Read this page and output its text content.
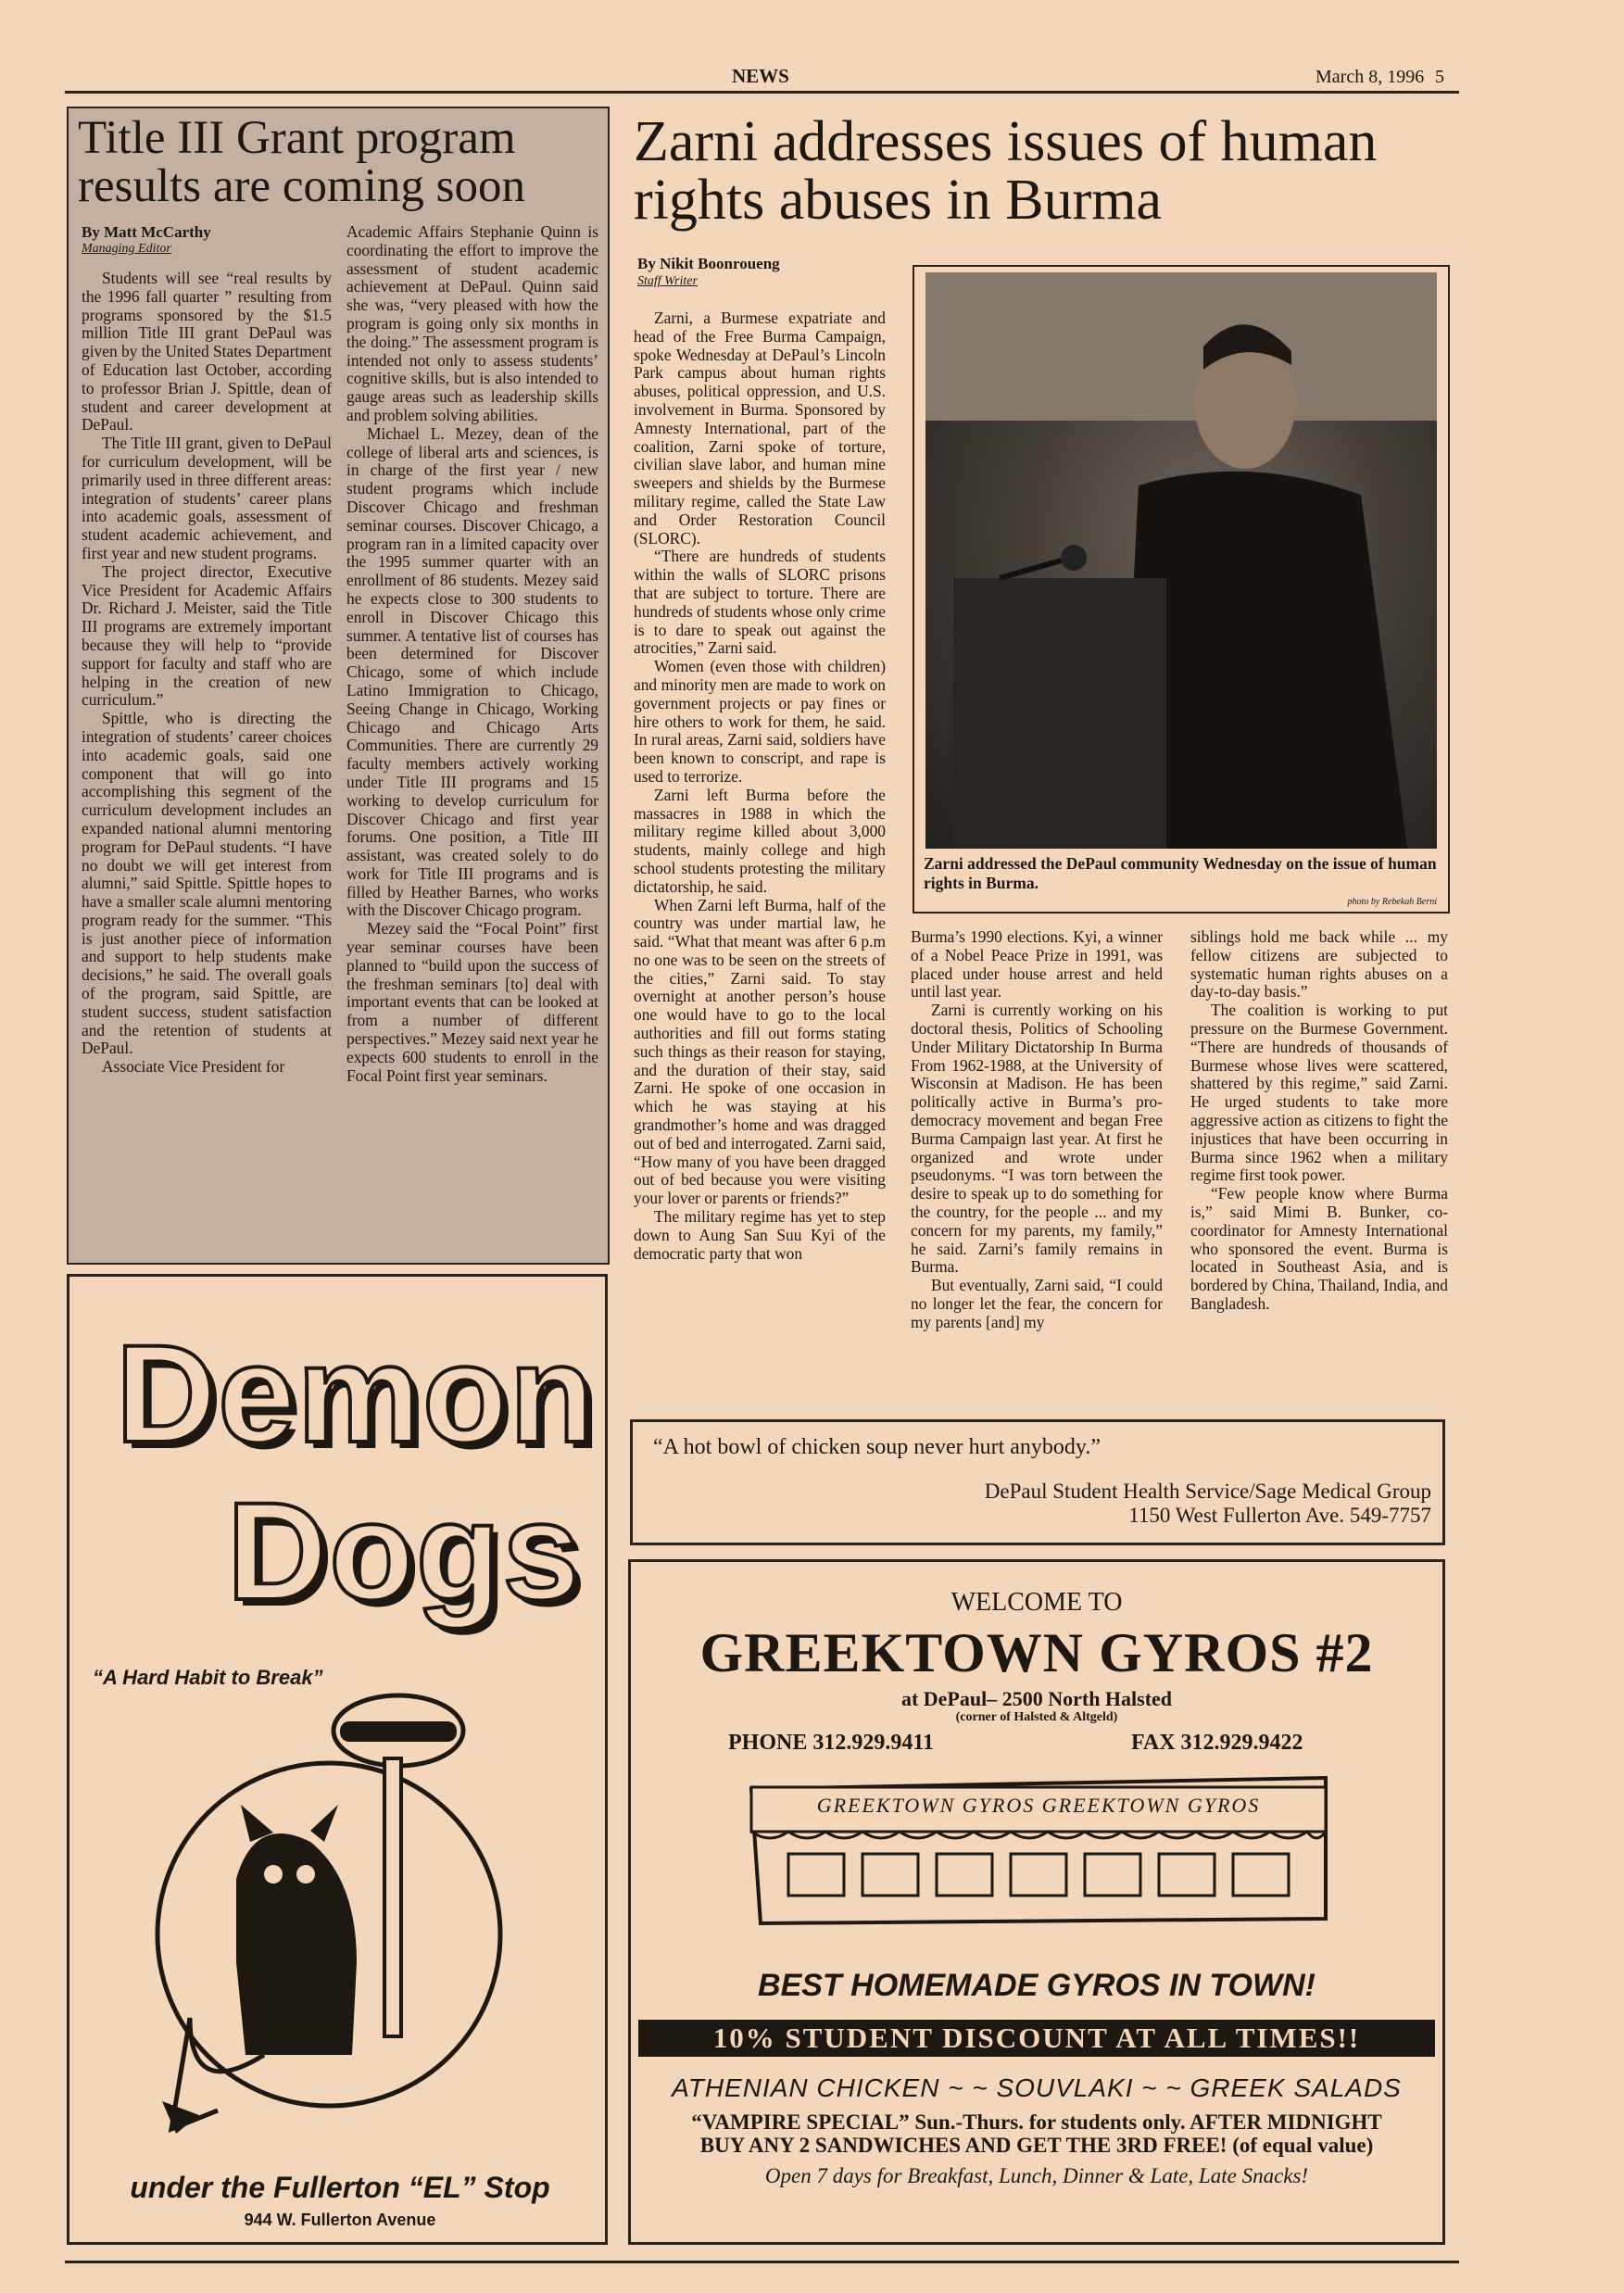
NEWS	March 8, 1996 5
Title III Grant program results are coming soon
By Matt McCarthy
Managing Editor

Students will see “real results by the 1996 fall quarter ” resulting from programs sponsored by the $1.5 million Title III grant DePaul was given by the United States Department of Education last October, according to professor Brian J. Spittle, dean of student and career development at DePaul.

The Title III grant, given to DePaul for curriculum development, will be primarily used in three different areas: integration of students’ career plans into academic goals, assessment of student academic achievement, and first year and new student programs.

The project director, Executive Vice President for Academic Affairs Dr. Richard J. Meister, said the Title III programs are extremely important because they will help to “provide support for faculty and staff who are helping in the creation of new curriculum.”

Spittle, who is directing the integration of students’ career choices into academic goals, said one component that will go into accomplishing this segment of the curriculum development includes an expanded national alumni mentoring program for DePaul students. “I have no doubt we will get interest from alumni,” said Spittle. Spittle hopes to have a smaller scale alumni mentoring program ready for the summer. “This is just another piece of information and support to help students make decisions,” he said. The overall goals of the program, said Spittle, are student success, student satisfaction and the retention of students at DePaul.

Associate Vice President for

Academic Affairs Stephanie Quinn is coordinating the effort to improve the assessment of student academic achievement at DePaul. Quinn said she was, “very pleased with how the program is going only six months in the doing.” The assessment program is intended not only to assess students’ cognitive skills, but is also intended to gauge areas such as leadership skills and problem solving abilities.

Michael L. Mezey, dean of the college of liberal arts and sciences, is in charge of the first year / new student programs which include Discover Chicago and freshman seminar courses. Discover Chicago, a program ran in a limited capacity over the 1995 summer quarter with an enrollment of 86 students. Mezey said he expects close to 300 students to enroll in Discover Chicago this summer. A tentative list of courses has been determined for Discover Chicago, some of which include Latino Immigration to Chicago, Seeing Change in Chicago, Working Chicago and Chicago Arts Communities. There are currently 29 faculty members actively working under Title III programs and 15 working to develop curriculum for Discover Chicago and first year forums. One position, a Title III assistant, was created solely to do work for Title III programs and is filled by Heather Barnes, who works with the Discover Chicago program.

Mezey said the “Focal Point” first year seminar courses have been planned to “build upon the success of the freshman seminars [to] deal with important events that can be looked at from a number of different perspectives.” Mezey said next year he expects 600 students to enroll in the Focal Point first year seminars.

Zarni addresses issues of human rights abuses in Burma
By Nikit Boonroueng
Staff Writer

Zarni, a Burmese expatriate and head of the Free Burma Campaign, spoke Wednesday at DePaul’s Lincoln Park campus about human rights abuses, political oppression, and U.S. involvement in Burma. Sponsored by Amnesty International, part of the coalition, Zarni spoke of torture, civilian slave labor, and human mine sweepers and shields by the Burmese military regime, called the State Law and Order Restoration Council (SLORC).

“There are hundreds of students within the walls of SLORC prisons that are subject to torture. There are hundreds of students whose only crime is to dare to speak out against the atrocities,” Zarni said.

Women (even those with children) and minority men are made to work on government projects or pay fines or hire others to work for them, he said. In rural areas, Zarni said, soldiers have been known to conscript, and rape is used to terrorize.

Zarni left Burma before the massacres in 1988 in which the military regime killed about 3,000 students, mainly college and high school students protesting the military dictatorship, he said.

When Zarni left Burma, half of the country was under martial law, he said. “What that meant was after 6 p.m no one was to be seen on the streets of the cities,” Zarni said. To stay overnight at another person’s house one would have to go to the local authorities and fill out forms stating such things as their reason for staying, and the duration of their stay, said Zarni. He spoke of one occasion in which he was staying at his grandmother’s home and was dragged out of bed and interrogated. Zarni said, “How many of you have been dragged out of bed because you were visiting your lover or parents or friends?”

The military regime has yet to step down to Aung San Suu Kyi of the democratic party that won

Zarni addressed the DePaul community Wednesday on the issue of human rights in Burma.
photo by Rebekah Berni

Burma’s 1990 elections. Kyi, a winner of a Nobel Peace Prize in 1991, was placed under house arrest and held until last year.

Zarni is currently working on his doctoral thesis, Politics of Schooling Under Military Dictatorship In Burma From 1962-1988, at the University of Wisconsin at Madison. He has been politically active in Burma’s pro-democracy movement and began Free Burma Campaign last year. At first he organized and wrote under pseudonyms. “I was torn between the desire to speak up to do something for the country, for the people ... and my concern for my parents, my family,” he said. Zarni’s family remains in Burma.

But eventually, Zarni said, “I could no longer let the fear, the concern for my parents [and] my

siblings hold me back while ... my fellow citizens are subjected to systematic human rights abuses on a day-to-day basis.”

The coalition is working to put pressure on the Burmese Government. “There are hundreds of thousands of Burmese whose lives were scattered, shattered by this regime,” said Zarni. He urged students to take more aggressive action as citizens to fight the injustices that have been occurring in Burma since 1962 when a military regime first took power.

“Few people know where Burma is,” said Mimi B. Bunker, co-coordinator for Amnesty International who sponsored the event. Burma is located in Southeast Asia, and is bordered by China, Thailand, India, and Bangladesh.

“A hot bowl of chicken soup never hurt anybody.”
DePaul Student Health Service/Sage Medical Group
1150 West Fullerton Ave. 549-7757
Demon
Dogs
“A Hard Habit to Break”
under the Fullerton “EL” Stop
944 W. Fullerton Avenue
WELCOME TO
GREEKTOWN GYROS #2
at DePaul– 2500 North Halsted
(corner of Halsted & Altgeld)
PHONE 312.929.9411	FAX 312.929.9422
GREEKTOWN GYROS GREEKTOWN GYROS
BEST HOMEMADE GYROS IN TOWN!
10% STUDENT DISCOUNT AT ALL TIMES!!
ATHENIAN CHICKEN ~ ~ SOUVLAKI ~ ~ GREEK SALADS
“VAMPIRE SPECIAL” Sun.-Thurs. for students only. AFTER MIDNIGHT
BUY ANY 2 SANDWICHES AND GET THE 3RD FREE! (of equal value)
Open 7 days for Breakfast, Lunch, Dinner & Late, Late Snacks!
